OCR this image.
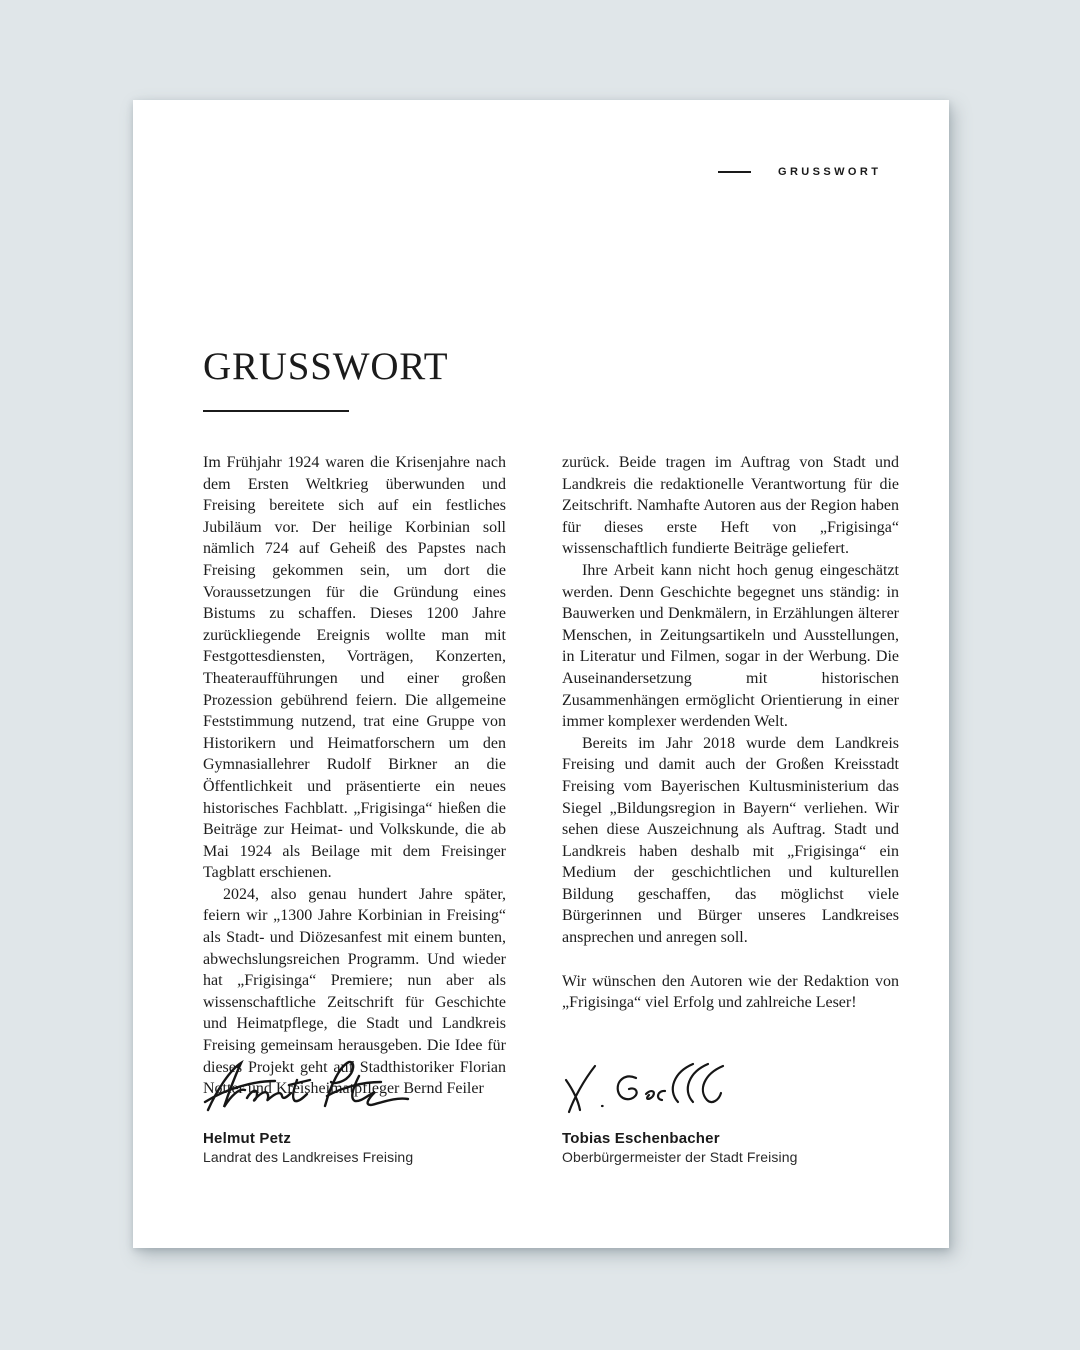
GRUSSWORT
GRUSSWORT

Im Frühjahr 1924 waren die Krisenjahre nach dem Ersten Weltkrieg überwunden und Freising bereitete sich auf ein festliches Jubiläum vor. Der heilige Korbinian soll nämlich 724 auf Geheiß des Papstes nach Freising gekommen sein, um dort die Voraussetzungen für die Gründung eines Bistums zu schaffen. Dieses 1200 Jahre zurückliegende Ereignis wollte man mit Festgottesdiensten, Vorträgen, Konzerten, Theateraufführungen und einer großen Prozession gebührend feiern. Die allgemeine Feststimmung nutzend, trat eine Gruppe von Historikern und Heimatforschern um den Gymnasiallehrer Rudolf Birkner an die Öffentlichkeit und präsentierte ein neues historisches Fachblatt. „Frigisinga“ hießen die Beiträge zur Heimat- und Volkskunde, die ab Mai 1924 als Beilage mit dem Freisinger Tagblatt erschienen.

2024, also genau hundert Jahre später, feiern wir „1300 Jahre Korbinian in Freising“ als Stadt- und Diözesanfest mit einem bunten, abwechslungsreichen Programm. Und wieder hat „Frigisinga“ Premiere; nun aber als wissenschaftliche Zeitschrift für Geschichte und Heimatpflege, die Stadt und Landkreis Freising gemeinsam herausgeben. Die Idee für dieses Projekt geht auf Stadthistoriker Florian Notter und Kreisheimatpfleger Bernd Feiler

zurück. Beide tragen im Auftrag von Stadt und Landkreis die redaktionelle Verantwortung für die Zeitschrift. Namhafte Autoren aus der Region haben für dieses erste Heft von „Frigisinga“ wissenschaftlich fundierte Beiträge geliefert.

Ihre Arbeit kann nicht hoch genug eingeschätzt werden. Denn Geschichte begegnet uns ständig: in Bauwerken und Denkmälern, in Erzählungen älterer Menschen, in Zeitungsartikeln und Ausstellungen, in Literatur und Filmen, sogar in der Werbung. Die Auseinandersetzung mit historischen Zusammenhängen ermöglicht Orientierung in einer immer komplexer werdenden Welt.

Bereits im Jahr 2018 wurde dem Landkreis Freising und damit auch der Großen Kreisstadt Freising vom Bayerischen Kultusministerium das Siegel „Bildungsregion in Bayern“ verliehen. Wir sehen diese Auszeichnung als Auftrag. Stadt und Landkreis haben deshalb mit „Frigisinga“ ein Medium der geschichtlichen und kulturellen Bildung geschaffen, das möglichst viele Bürgerinnen und Bürger unseres Landkreises ansprechen und anregen soll.

Wir wünschen den Autoren wie der Redaktion von „Frigisinga“ viel Erfolg und zahlreiche Leser!

Helmut Petz
Landrat des Landkreises Freising
Tobias Eschenbacher
Oberbürgermeister der Stadt Freising
